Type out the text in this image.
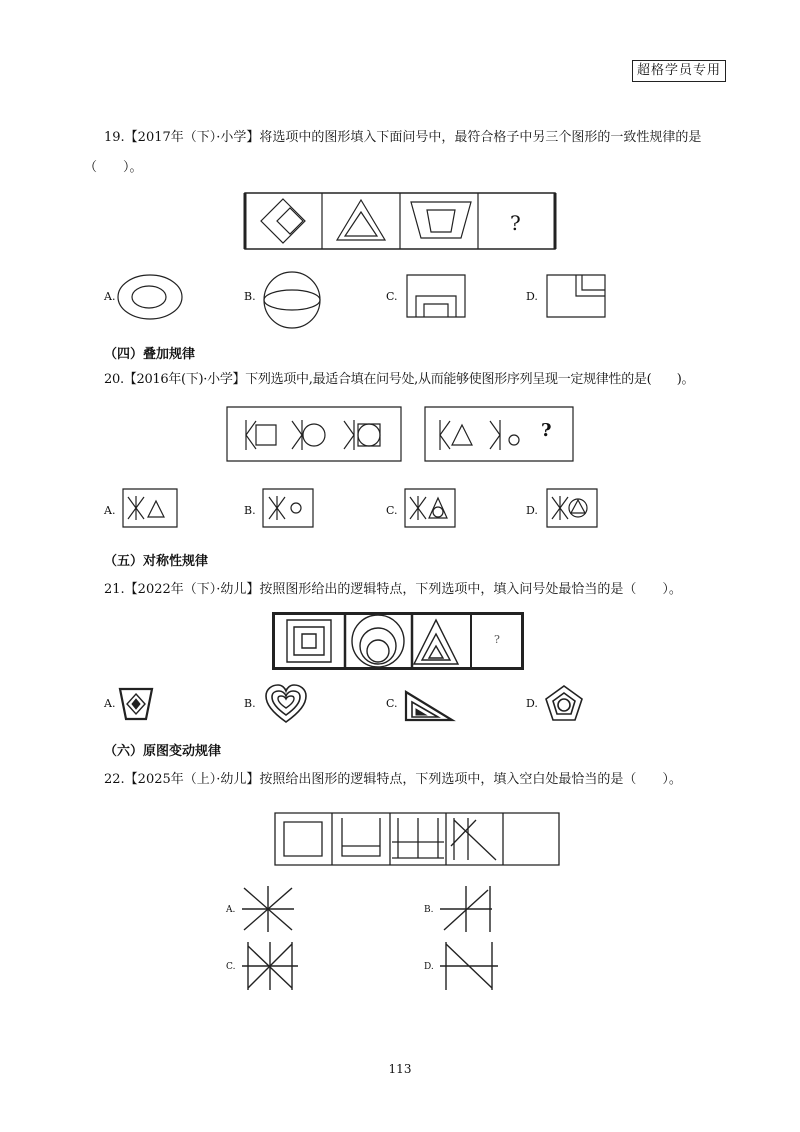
超格学员专用
19.【2017年（下）·小学】将选项中的图形填入下面问号中，最符合格子中另三个图形的一致性规律的是
（　　）。
?
A.	B.	C.	D.
（四）叠加规律
20.【2016年(下)·小学】下列选项中,最适合填在问号处,从而能够使图形序列呈现一定规律性的是(　　)。
?
A.	B.	C.	D.
（五）对称性规律
21.【2022年（下）·幼儿】按照图形给出的逻辑特点，下列选项中，填入问号处最恰当的是（　　）。
?
A.	B.	C.	D.
（六）原图变动规律
22.【2025年（上）·幼儿】按照给出图形的逻辑特点，下列选项中，填入空白处最恰当的是（　　）。
A.	B.
C.	D.
113
